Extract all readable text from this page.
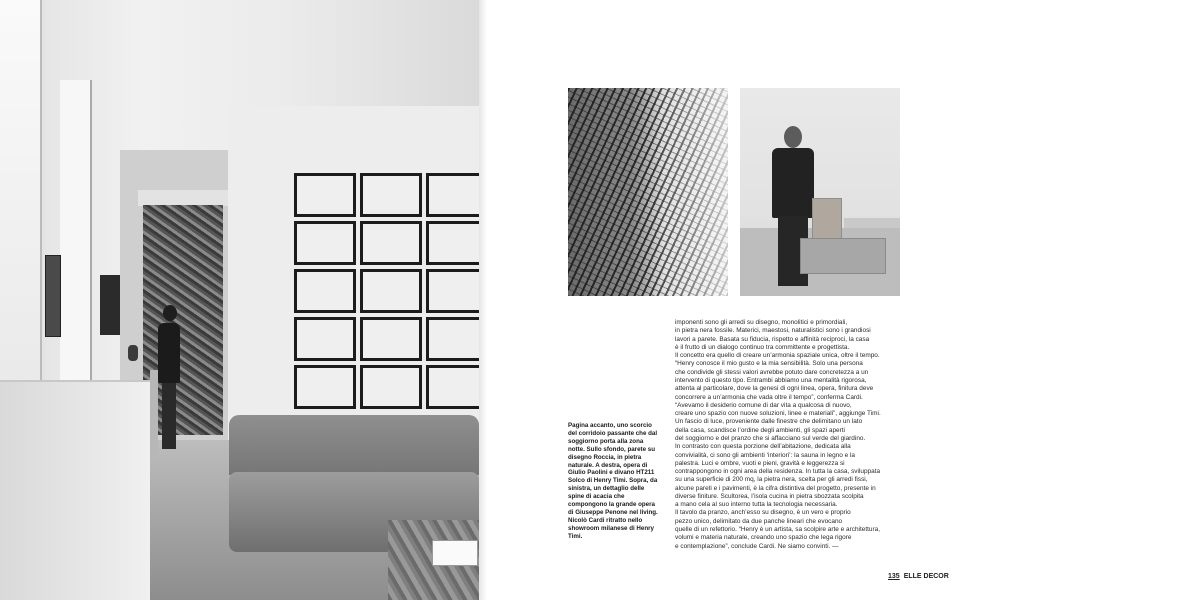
Pagina accanto, uno scorcio del corridoio passante che dal soggiorno porta alla zona notte. Sullo sfondo, parete su disegno Roccia, in pietra naturale. A destra, opera di Giulio Paolini e divano HT211 Solco di Henry Timi. Sopra, da sinistra, un dettaglio delle spine di acacia che compongono la grande opera di Giuseppe Penone nel living. Nicolò Cardi ritratto nello showroom milanese di Henry Timi.

imponenti sono gli arredi su disegno, monolitici e primordiali,

in pietra nera fossile. Materici, maestosi, naturalistici sono i grandiosi

lavori a parete. Basata su fiducia, rispetto e affinità reciproci, la casa

è il frutto di un dialogo continuo tra committente e progettista.

Il concetto era quello di creare un’armonia spaziale unica, oltre il tempo.

“Henry conosce il mio gusto e la mia sensibilità. Solo una persona

che condivide gli stessi valori avrebbe potuto dare concretezza a un

intervento di questo tipo. Entrambi abbiamo una mentalità rigorosa,

attenta al particolare, dove la genesi di ogni linea, opera, finitura deve

concorrere a un’armonia che vada oltre il tempo”, conferma Cardi.

“Avevamo il desiderio comune di dar vita a qualcosa di nuovo,

creare uno spazio con nuove soluzioni, linee e materiali”, aggiunge Timi.

Un fascio di luce, proveniente dalle finestre che delimitano un lato

della casa, scandisce l’ordine degli ambienti, gli spazi aperti

del soggiorno e del pranzo che si affacciano sul verde del giardino.

In contrasto con questa porzione dell’abitazione, dedicata alla

convivialità, ci sono gli ambienti ‘interiori’: la sauna in legno e la

palestra. Luci e ombre, vuoti e pieni, gravità e leggerezza si

contrappongono in ogni area della residenza. In tutta la casa, sviluppata

su una superficie di 200 mq, la pietra nera, scelta per gli arredi fissi,

alcune pareti e i pavimenti, è la cifra distintiva del progetto, presente in

diverse finiture. Scultorea, l’isola cucina in pietra sbozzata scolpita

a mano cela al suo interno tutta la tecnologia necessaria.

Il tavolo da pranzo, anch’esso su disegno, è un vero e proprio

pezzo unico, delimitato da due panche lineari che evocano

quelle di un refettorio. “Henry è un artista, sa scolpire arte e architettura,

volumi e materia naturale, creando uno spazio che lega rigore

e contemplazione”, conclude Cardi. Ne siamo convinti. ―

135 ELLE DECOR
